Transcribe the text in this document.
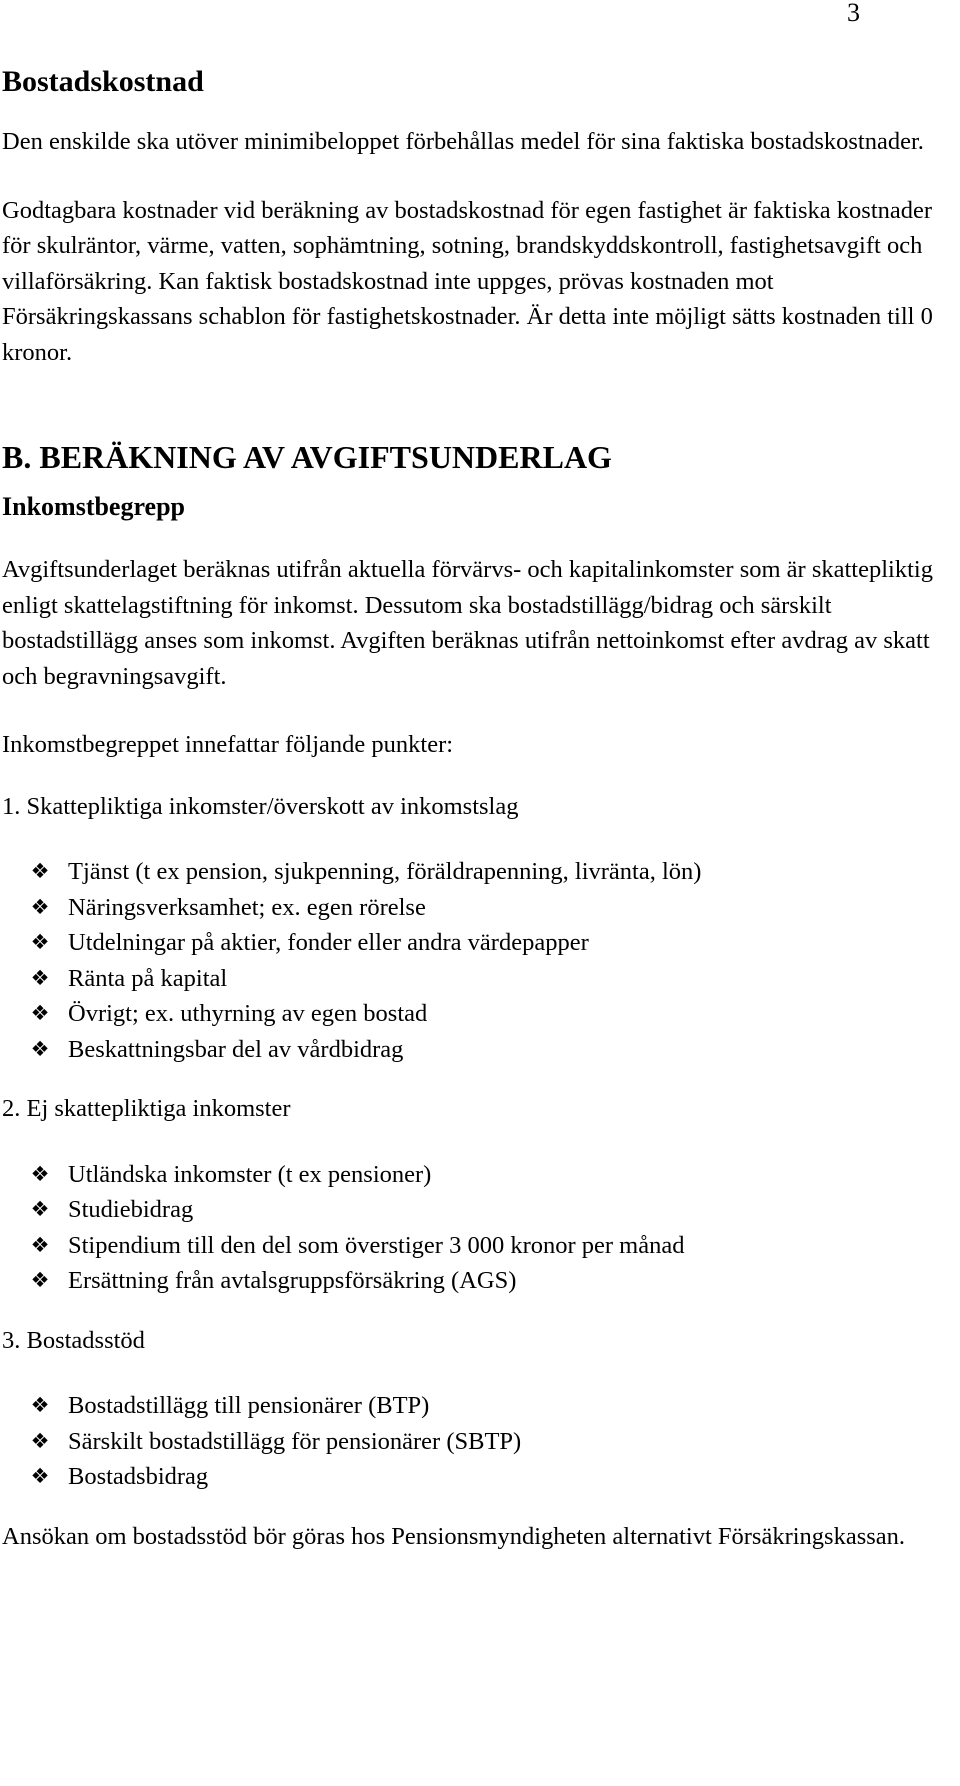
3
Bostadskostnad

Den enskilde ska utöver minimibeloppet förbehållas medel för sina faktiska bostadskostnader.

Godtagbara kostnader vid beräkning av bostadskostnad för egen fastighet är faktiska kostnader för skulräntor, värme, vatten, sophämtning, sotning, brandskyddskontroll, fastighetsavgift och villaförsäkring. Kan faktisk bostadskostnad inte uppges, prövas kostnaden mot Försäkringskassans schablon för fastighetskostnader. Är detta inte möjligt sätts kostnaden till 0 kronor.

B. BERÄKNING AV AVGIFTSUNDERLAG
Inkomstbegrepp

Avgiftsunderlaget beräknas utifrån aktuella förvärvs- och kapitalinkomster som är skattepliktig enligt skattelagstiftning för inkomst. Dessutom ska bostadstillägg/bidrag och särskilt bostadstillägg anses som inkomst. Avgiften beräknas utifrån nettoinkomst efter avdrag av skatt och begravningsavgift.

Inkomstbegreppet innefattar följande punkter:

1. Skattepliktiga inkomster/överskott av inkomstslag

❖ Tjänst (t ex pension, sjukpenning, föräldrapenning, livränta, lön)
❖ Näringsverksamhet; ex. egen rörelse
❖ Utdelningar på aktier, fonder eller andra värdepapper
❖ Ränta på kapital
❖ Övrigt; ex. uthyrning av egen bostad
❖ Beskattningsbar del av vårdbidrag

2. Ej skattepliktiga inkomster

❖ Utländska inkomster (t ex pensioner)
❖ Studiebidrag
❖ Stipendium till den del som överstiger 3 000 kronor per månad
❖ Ersättning från avtalsgruppsförsäkring (AGS)

3. Bostadsstöd

❖ Bostadstillägg till pensionärer (BTP)
❖ Särskilt bostadstillägg för pensionärer (SBTP)
❖ Bostadsbidrag

Ansökan om bostadsstöd bör göras hos Pensionsmyndigheten alternativt Försäkringskassan.
